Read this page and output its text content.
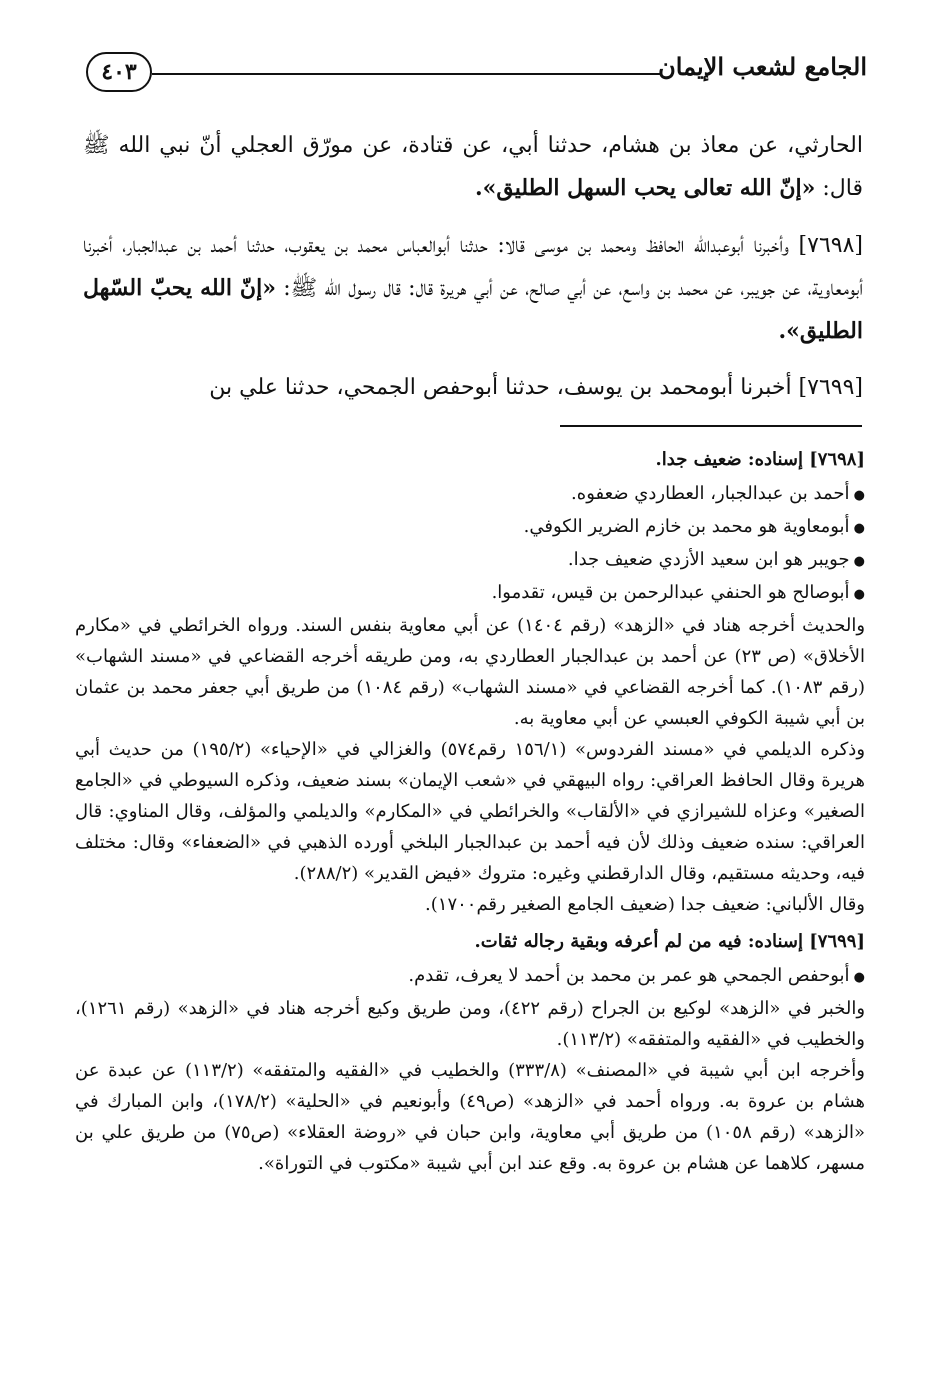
الجامع لشعب الإيمان
٤٠٣

الحارثي، عن معاذ بن هشام، حدثنا أبي، عن قتادة، عن مورّق العجلي أنّ نبي الله ﷺ قال: «إنّ الله تعالى يحب السهل الطليق».

[٧٦٩٨] وأخبرنا أبوعبدالله الحافظ ومحمد بن موسى قالا: حدثنا أبوالعباس محمد بن يعقوب، حدثنا أحمد بن عبدالجبار، أخبرنا أبومعاوية، عن جويبر، عن محمد بن واسع، عن أبي صالح، عن أبي هريرة قال: قال رسول الله ﷺ: «إنّ الله يحبّ السّهل الطليق».

[٧٦٩٩] أخبرنا أبومحمد بن يوسف، حدثنا أبوحفص الجمحي، حدثنا علي بن

[٧٦٩٨] إسناده: ضعيف جدا.

● أحمد بن عبدالجبار، العطاردي ضعفوه.

● أبومعاوية هو محمد بن خازم الضرير الكوفي.

● جويبر هو ابن سعيد الأزدي ضعيف جدا.

● أبوصالح هو الحنفي عبدالرحمن بن قيس، تقدموا.

والحديث أخرجه هناد في «الزهد» (رقم ١٤٠٤) عن أبي معاوية بنفس السند. ورواه الخرائطي في «مكارم الأخلاق» (ص ٢٣) عن أحمد بن عبدالجبار العطاردي به، ومن طريقه أخرجه القضاعي في «مسند الشهاب» (رقم ١٠٨٣). كما أخرجه القضاعي في «مسند الشهاب» (رقم ١٠٨٤) من طريق أبي جعفر محمد بن عثمان بن أبي شيبة الكوفي العبسي عن أبي معاوية به.

وذكره الديلمي في «مسند الفردوس» (١٥٦/١ رقم٥٧٤) والغزالي في «الإحياء» (١٩٥/٢) من حديث أبي هريرة وقال الحافظ العراقي: رواه البيهقي في «شعب الإيمان» بسند ضعيف، وذكره السيوطي في «الجامع الصغير» وعزاه للشيرازي في «الألقاب» والخرائطي في «المكارم» والديلمي والمؤلف، وقال المناوي: قال العراقي: سنده ضعيف وذلك لأن فيه أحمد بن عبدالجبار البلخي أورده الذهبي في «الضعفاء» وقال: مختلف فيه، وحديثه مستقيم، وقال الدارقطني وغيره: متروك «فيض القدير» (٢٨٨/٢).

وقال الألباني: ضعيف جدا (ضعيف الجامع الصغير رقم١٧٠٠).

[٧٦٩٩] إسناده: فيه من لم أعرفه وبقية رجاله ثقات.

● أبوحفص الجمحي هو عمر بن محمد بن أحمد لا يعرف، تقدم.

والخبر في «الزهد» لوكيع بن الجراح (رقم ٤٢٢)، ومن طريق وكيع أخرجه هناد في «الزهد» (رقم ١٢٦١)، والخطيب في «الفقيه والمتفقه» (١١٣/٢).

وأخرجه ابن أبي شيبة في «المصنف» (٣٣٣/٨) والخطيب في «الفقيه والمتفقه» (١١٣/٢) عن عبدة عن هشام بن عروة به. ورواه أحمد في «الزهد» (ص٤٩) وأبونعيم في «الحلية» (١٧٨/٢)، وابن المبارك في «الزهد» (رقم ١٠٥٨) من طريق أبي معاوية، وابن حبان في «روضة العقلاء» (ص٧٥) من طريق علي بن مسهر، كلاهما عن هشام بن عروة به. وقع عند ابن أبي شيبة «مكتوب في التوراة».
